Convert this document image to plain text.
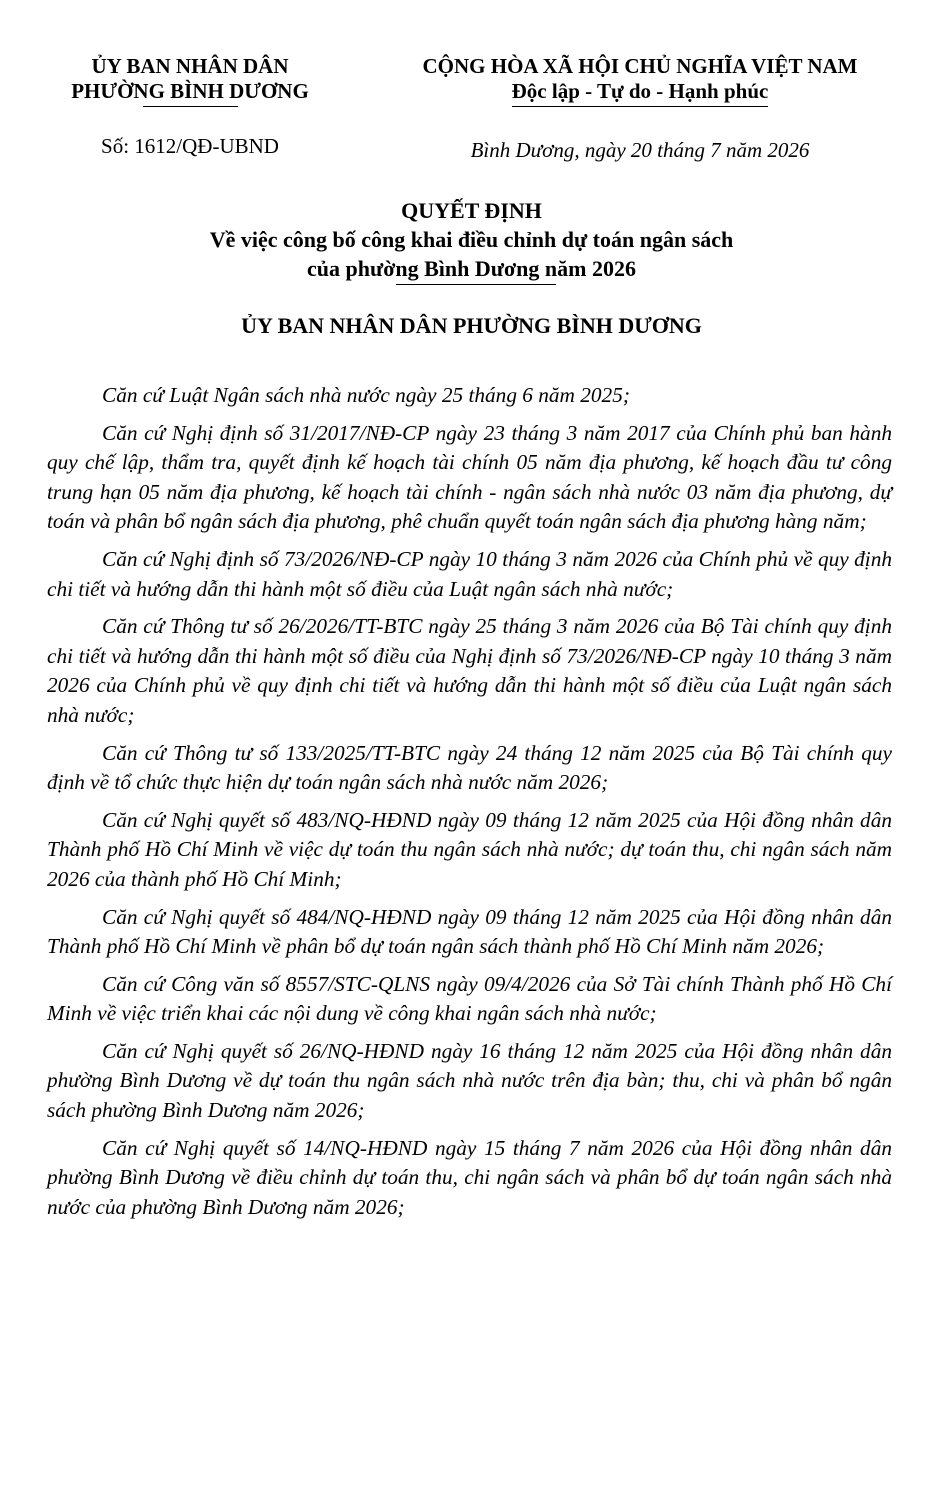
ỦY BAN NHÂN DÂN
PHƯỜNG BÌNH DƯƠNG
CỘNG HÒA XÃ HỘI CHỦ NGHĨA VIỆT NAM
Độc lập - Tự do - Hạnh phúc
Số: 1612/QĐ-UBND	Bình Dương, ngày 20 tháng 7 năm 2026
QUYẾT ĐỊNH
Về việc công bố công khai điều chỉnh dự toán ngân sách
của phường Bình Dương năm 2026
ỦY BAN NHÂN DÂN PHƯỜNG BÌNH DƯƠNG

Căn cứ Luật Ngân sách nhà nước ngày 25 tháng 6 năm 2025;

Căn cứ Nghị định số 31/2017/NĐ-CP ngày 23 tháng 3 năm 2017 của Chính phủ ban hành quy chế lập, thẩm tra, quyết định kế hoạch tài chính 05 năm địa phương, kế hoạch đầu tư công trung hạn 05 năm địa phương, kế hoạch tài chính - ngân sách nhà nước 03 năm địa phương, dự toán và phân bổ ngân sách địa phương, phê chuẩn quyết toán ngân sách địa phương hàng năm;

Căn cứ Nghị định số 73/2026/NĐ-CP ngày 10 tháng 3 năm 2026 của Chính phủ về quy định chi tiết và hướng dẫn thi hành một số điều của Luật ngân sách nhà nước;

Căn cứ Thông tư số 26/2026/TT-BTC ngày 25 tháng 3 năm 2026 của Bộ Tài chính quy định chi tiết và hướng dẫn thi hành một số điều của Nghị định số 73/2026/NĐ-CP ngày 10 tháng 3 năm 2026 của Chính phủ về quy định chi tiết và hướng dẫn thi hành một số điều của Luật ngân sách nhà nước;

Căn cứ Thông tư số 133/2025/TT-BTC ngày 24 tháng 12 năm 2025 của Bộ Tài chính quy định về tổ chức thực hiện dự toán ngân sách nhà nước năm 2026;

Căn cứ Nghị quyết số 483/NQ-HĐND ngày 09 tháng 12 năm 2025 của Hội đồng nhân dân Thành phố Hồ Chí Minh về việc dự toán thu ngân sách nhà nước; dự toán thu, chi ngân sách năm 2026 của thành phố Hồ Chí Minh;

Căn cứ Nghị quyết số 484/NQ-HĐND ngày 09 tháng 12 năm 2025 của Hội đồng nhân dân Thành phố Hồ Chí Minh về phân bổ dự toán ngân sách thành phố Hồ Chí Minh năm 2026;

Căn cứ Công văn số 8557/STC-QLNS ngày 09/4/2026 của Sở Tài chính Thành phố Hồ Chí Minh về việc triển khai các nội dung về công khai ngân sách nhà nước;

Căn cứ Nghị quyết số 26/NQ-HĐND ngày 16 tháng 12 năm 2025 của Hội đồng nhân dân phường Bình Dương về dự toán thu ngân sách nhà nước trên địa bàn; thu, chi và phân bổ ngân sách phường Bình Dương năm 2026;

Căn cứ Nghị quyết số 14/NQ-HĐND ngày 15 tháng 7 năm 2026 của Hội đồng nhân dân phường Bình Dương về điều chỉnh dự toán thu, chi ngân sách và phân bổ dự toán ngân sách nhà nước của phường Bình Dương năm 2026;
